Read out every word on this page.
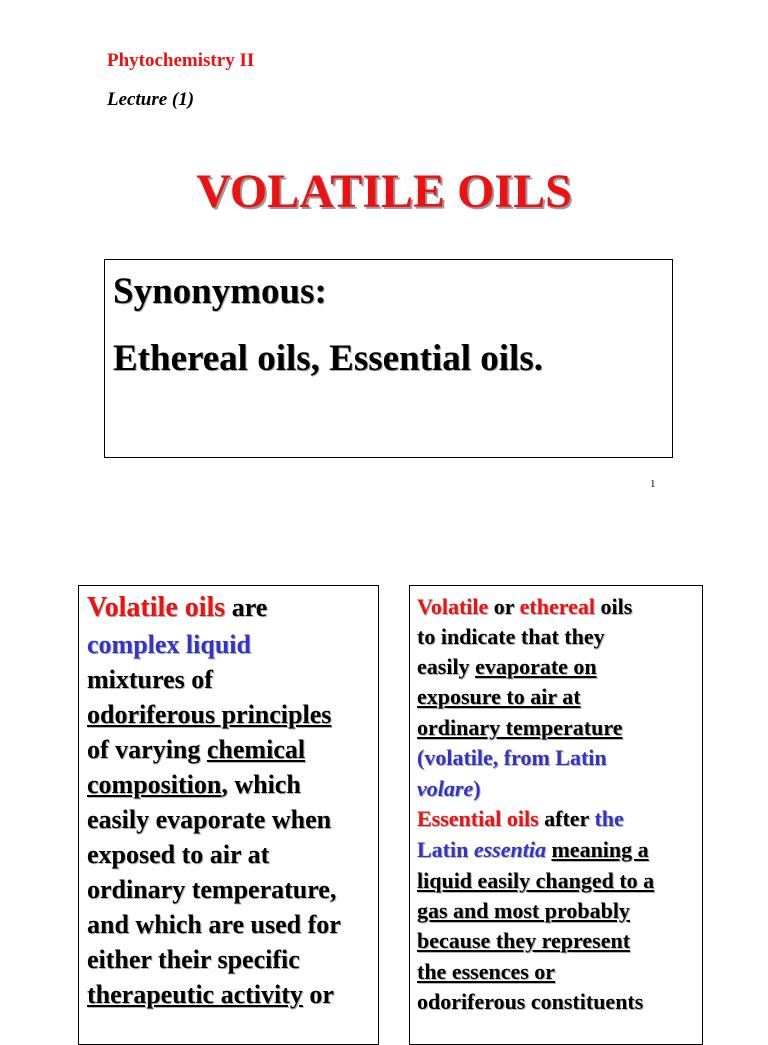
Phytochemistry II
Lecture (1)
VOLATILE OILS
Synonymous:
Ethereal oils, Essential oils.
1
Volatile oils are
complex liquid
mixtures of
odoriferous principles
of varying chemical
composition, which
easily evaporate when
exposed to air at
ordinary temperature,
and which are used for
either their specific
therapeutic activity or
Volatile or ethereal oils
to indicate that they
easily evaporate on
exposure to air at
ordinary temperature
(volatile, from Latin
volare)
Essential oils after the
Latin essentia meaning a
liquid easily changed to a
gas and most probably
because they represent
the essences or
odoriferous constituents
